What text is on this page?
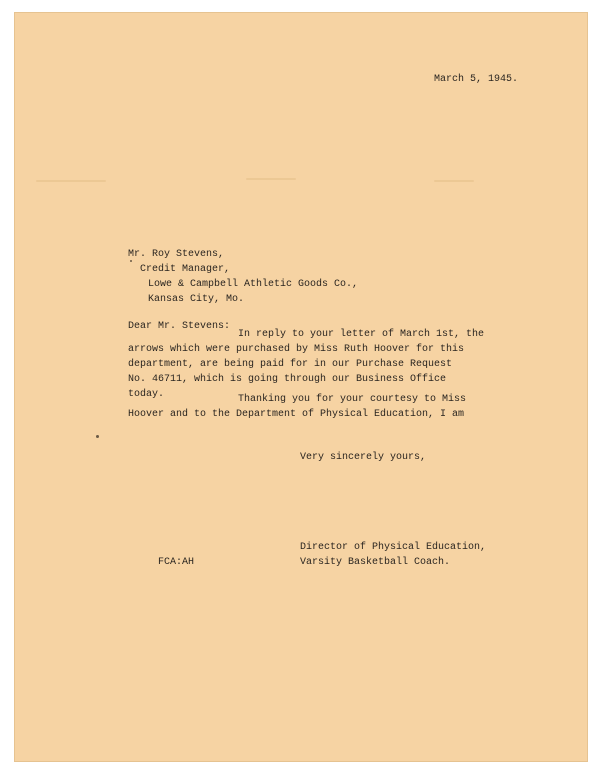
March 5, 1945.
Mr. Roy Stevens,
Credit Manager,
Lowe & Campbell Athletic Goods Co.,
Kansas City, Mo.
Dear Mr. Stevens:
In reply to your letter of March 1st, the
arrows which were purchased by Miss Ruth Hoover for this
department, are being paid for in our Purchase Request
No. 46711, which is going through our Business Office
today.	Thanking you for your courtesy to Miss
Hoover and to the Department of Physical Education, I am
Very sincerely yours,
Director of Physical Education,
Varsity Basketball Coach.
FCA:AH
